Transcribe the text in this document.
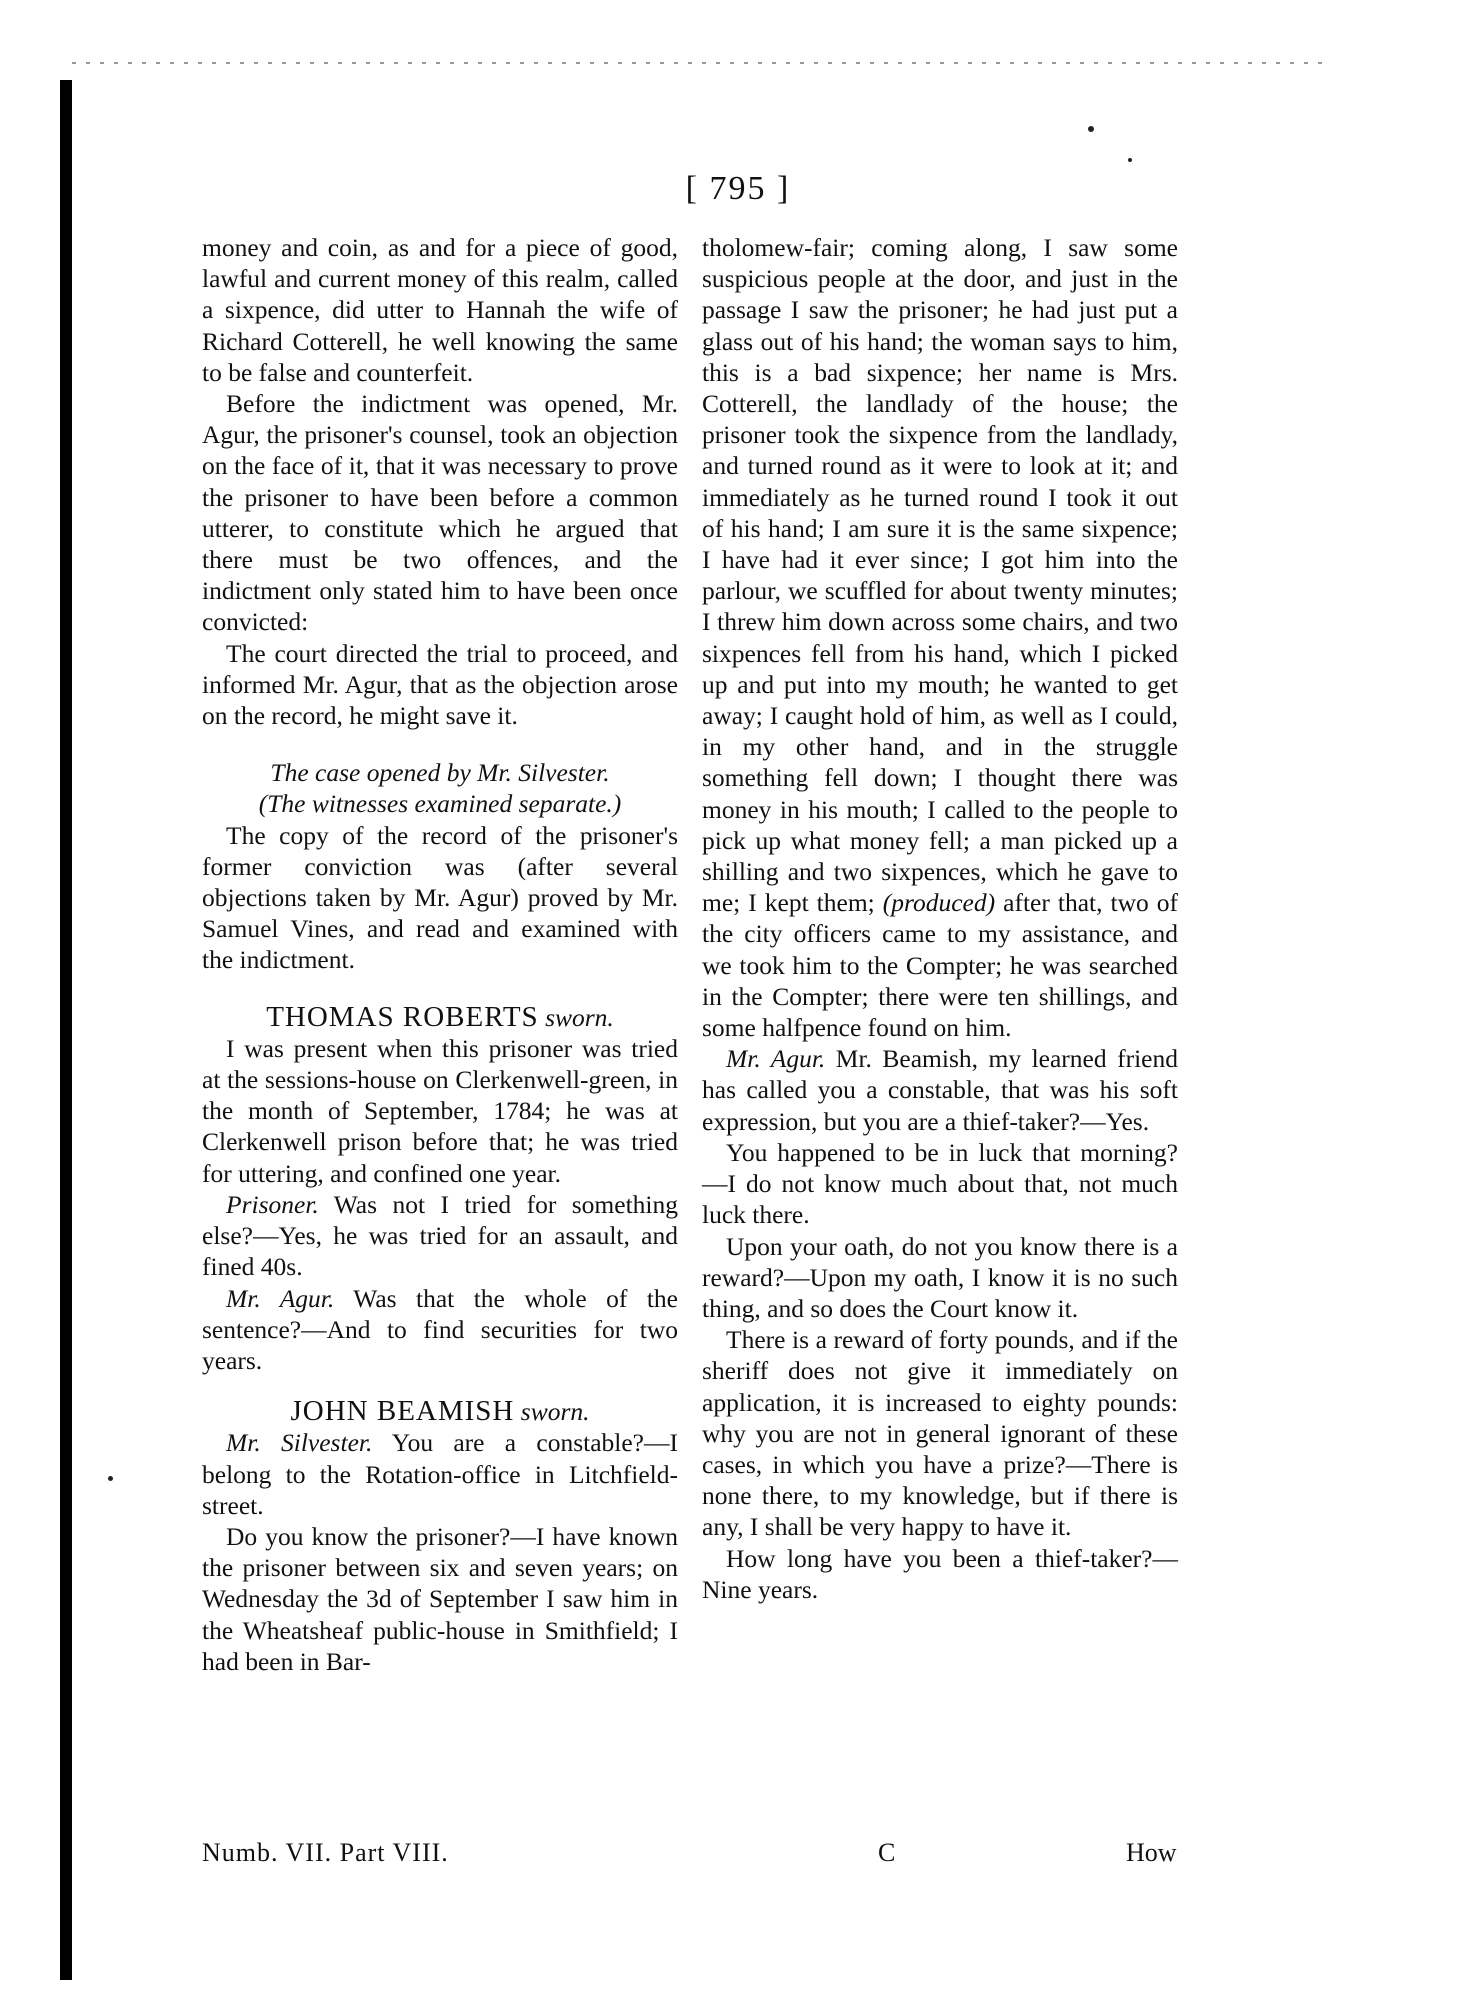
[ 795 ]

money and coin, as and for a piece of good, lawful and current money of this realm, called a sixpence, did utter to Hannah the wife of Richard Cotterell, he well knowing the same to be false and counterfeit.

Before the indictment was opened, Mr. Agur, the prisoner's counsel, took an objection on the face of it, that it was necessary to prove the prisoner to have been before a common utterer, to constitute which he argued that there must be two offences, and the indictment only stated him to have been once convicted:

The court directed the trial to proceed, and informed Mr. Agur, that as the objection arose on the record, he might save it.

The case opened by Mr. Silvester.

(The witnesses examined separate.)

The copy of the record of the prisoner's former conviction was (after several objections taken by Mr. Agur) proved by Mr. Samuel Vines, and read and examined with the indictment.

THOMAS ROBERTS sworn.

I was present when this prisoner was tried at the sessions-house on Clerkenwell-green, in the month of September, 1784; he was at Clerkenwell prison before that; he was tried for uttering, and confined one year.

Prisoner. Was not I tried for something else?—Yes, he was tried for an assault, and fined 40s.

Mr. Agur. Was that the whole of the sentence?—And to find securities for two years.

JOHN BEAMISH sworn.

Mr. Silvester. You are a constable?—I belong to the Rotation-office in Litchfield-street.

Do you know the prisoner?—I have known the prisoner between six and seven years; on Wednesday the 3d of September I saw him in the Wheatsheaf public-house in Smithfield; I had been in Bar-

tholomew-fair; coming along, I saw some suspicious people at the door, and just in the passage I saw the prisoner; he had just put a glass out of his hand; the woman says to him, this is a bad sixpence; her name is Mrs. Cotterell, the landlady of the house; the prisoner took the sixpence from the landlady, and turned round as it were to look at it; and immediately as he turned round I took it out of his hand; I am sure it is the same sixpence; I have had it ever since; I got him into the parlour, we scuffled for about twenty minutes; I threw him down across some chairs, and two sixpences fell from his hand, which I picked up and put into my mouth; he wanted to get away; I caught hold of him, as well as I could, in my other hand, and in the struggle something fell down; I thought there was money in his mouth; I called to the people to pick up what money fell; a man picked up a shilling and two sixpences, which he gave to me; I kept them; (produced) after that, two of the city officers came to my assistance, and we took him to the Compter; he was searched in the Compter; there were ten shillings, and some halfpence found on him.

Mr. Agur. Mr. Beamish, my learned friend has called you a constable, that was his soft expression, but you are a thief-taker?—Yes.

You happened to be in luck that morning?—I do not know much about that, not much luck there.

Upon your oath, do not you know there is a reward?—Upon my oath, I know it is no such thing, and so does the Court know it.

There is a reward of forty pounds, and if the sheriff does not give it immediately on application, it is increased to eighty pounds: why you are not in general ignorant of these cases, in which you have a prize?—There is none there, to my knowledge, but if there is any, I shall be very happy to have it.

How long have you been a thief-taker?—Nine years.

Numb. VII. Part VIII.	C	How
